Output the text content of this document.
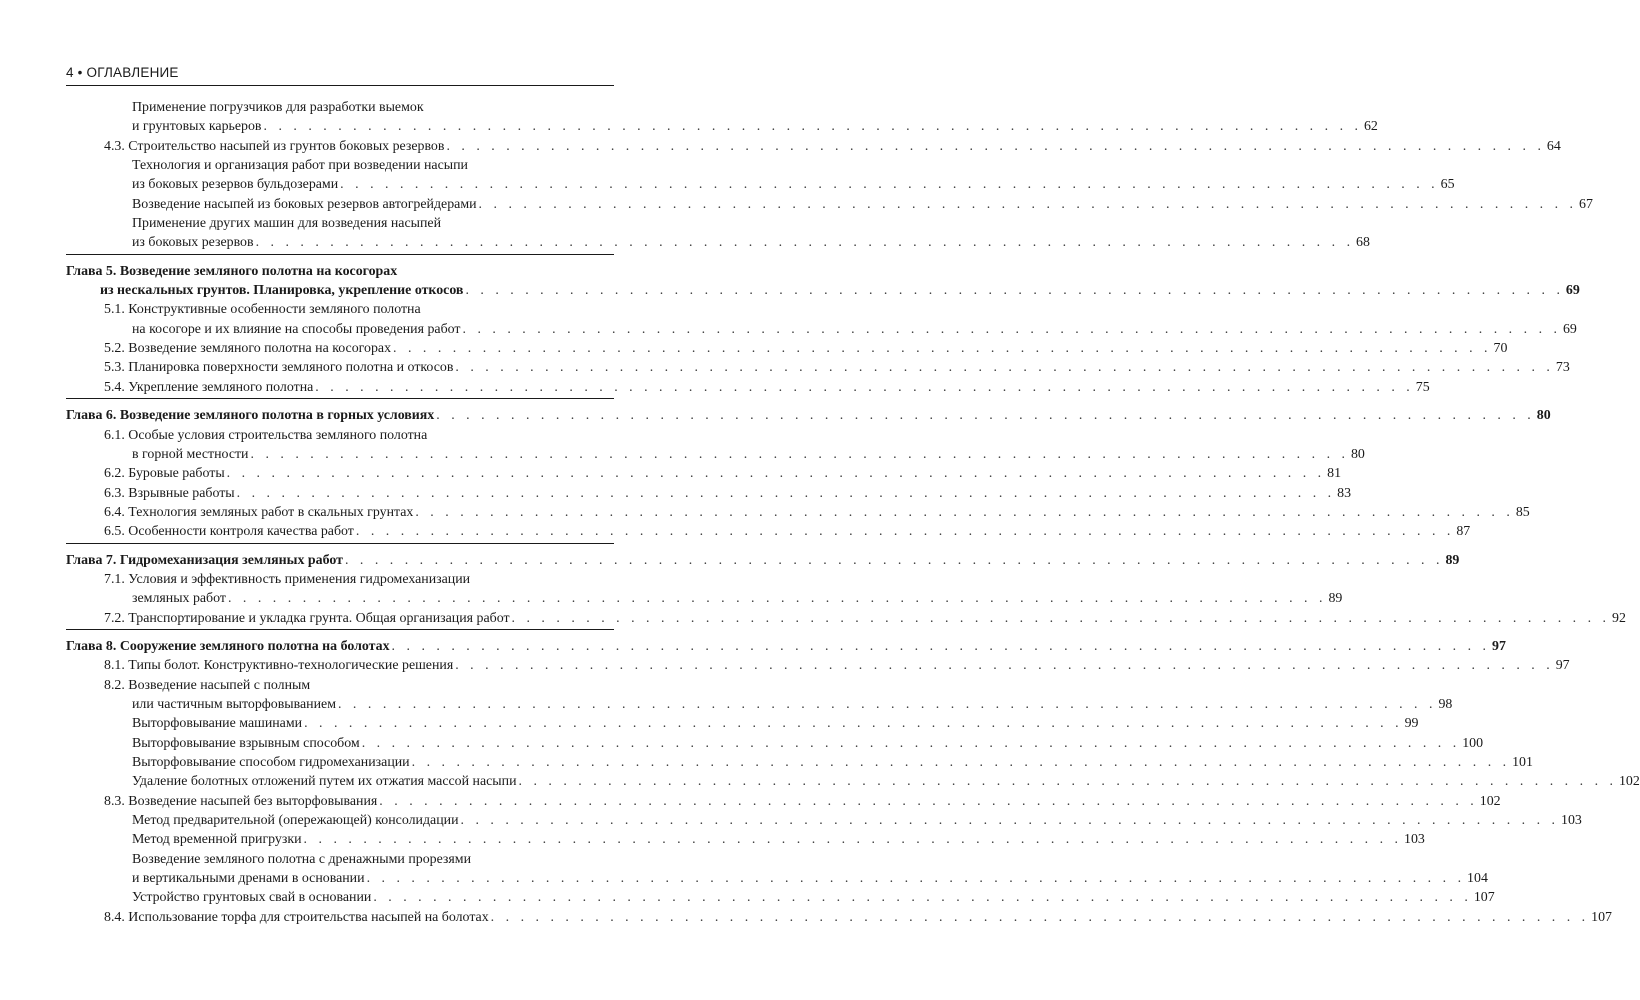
4 • ОГЛАВЛЕНИЕ
Применение погрузчиков для разработки выемок
и грунтовых карьеров . . . . . . . . . . . . . . . . . . . . . . . . . . . . . . . . . . . . . . . . . . . . . . . . . . . . . . . . . . . . . . . . . . . . . . . . . . 62
4.3. Строительство насыпей из грунтов боковых резервов . . . . . . . . . . . . . . . . . . . . . . . . . . . . . . . . . . . . . . . . . . . . . . . . . . . . . . . . . . . . . . . . . . . . . . . . . . 64
Технология и организация работ при возведении насыпи
из боковых резервов бульдозерами . . . . . . . . . . . . . . . . . . . . . . . . . . . . . . . . . . . . . . . . . . . . . . . . . . . . . . . . . . . . . . . . . . . . . . . . . . 65
Возведение насыпей из боковых резервов автогрейдерами . . . . . . . . . . . . . . . . . . . . . . . . . . . . . . . . . . . . . . . . . . . . . . . . . . . . . . . . . . . . . . . . . . . . . . . . . . 67
Применение других машин для возведения насыпей
из боковых резервов . . . . . . . . . . . . . . . . . . . . . . . . . . . . . . . . . . . . . . . . . . . . . . . . . . . . . . . . . . . . . . . . . . . . . . . . . . 68
Глава 5. Возведение земляного полотна на косогорах
из нескальных грунтов. Планировка, укрепление откосов . . . . . . . . . . . . . . . . . . . . . . . . . . . . . . . . . . . . . . . . . . . . . . . . . . . . . . . . . . . . . . . . . . . . . . . . . . 69
5.1. Конструктивные особенности земляного полотна
на косогоре и их влияние на способы проведения работ . . . . . . . . . . . . . . . . . . . . . . . . . . . . . . . . . . . . . . . . . . . . . . . . . . . . . . . . . . . . . . . . . . . . . . . . . . 69
5.2. Возведение земляного полотна на косогорах . . . . . . . . . . . . . . . . . . . . . . . . . . . . . . . . . . . . . . . . . . . . . . . . . . . . . . . . . . . . . . . . . . . . . . . . . . 70
5.3. Планировка поверхности земляного полотна и откосов . . . . . . . . . . . . . . . . . . . . . . . . . . . . . . . . . . . . . . . . . . . . . . . . . . . . . . . . . . . . . . . . . . . . . . . . . . 73
5.4. Укрепление земляного полотна . . . . . . . . . . . . . . . . . . . . . . . . . . . . . . . . . . . . . . . . . . . . . . . . . . . . . . . . . . . . . . . . . . . . . . . . . . 75
Глава 6. Возведение земляного полотна в горных условиях . . . . . . . . . . . . . . . . . . . . . . . . . . . . . . . . . . . . . . . . . . . . . . . . . . . . . . . . . . . . . . . . . . . . . . . . . . 80
6.1. Особые условия строительства земляного полотна
в горной местности . . . . . . . . . . . . . . . . . . . . . . . . . . . . . . . . . . . . . . . . . . . . . . . . . . . . . . . . . . . . . . . . . . . . . . . . . . 80
6.2. Буровые работы . . . . . . . . . . . . . . . . . . . . . . . . . . . . . . . . . . . . . . . . . . . . . . . . . . . . . . . . . . . . . . . . . . . . . . . . . . 81
6.3. Взрывные работы . . . . . . . . . . . . . . . . . . . . . . . . . . . . . . . . . . . . . . . . . . . . . . . . . . . . . . . . . . . . . . . . . . . . . . . . . . 83
6.4. Технология земляных работ в скальных грунтах . . . . . . . . . . . . . . . . . . . . . . . . . . . . . . . . . . . . . . . . . . . . . . . . . . . . . . . . . . . . . . . . . . . . . . . . . . 85
6.5. Особенности контроля качества работ . . . . . . . . . . . . . . . . . . . . . . . . . . . . . . . . . . . . . . . . . . . . . . . . . . . . . . . . . . . . . . . . . . . . . . . . . . 87
Глава 7. Гидромеханизация земляных работ . . . . . . . . . . . . . . . . . . . . . . . . . . . . . . . . . . . . . . . . . . . . . . . . . . . . . . . . . . . . . . . . . . . . . . . . . . 89
7.1. Условия и эффективность применения гидромеханизации
земляных работ . . . . . . . . . . . . . . . . . . . . . . . . . . . . . . . . . . . . . . . . . . . . . . . . . . . . . . . . . . . . . . . . . . . . . . . . . . 89
7.2. Транспортирование и укладка грунта. Общая организация работ . . . . . . . . . . . . . . . . . . . . . . . . . . . . . . . . . . . . . . . . . . . . . . . . . . . . . . . . . . . . . . . . . . . . . . . . . . 92
Глава 8. Сооружение земляного полотна на болотах . . . . . . . . . . . . . . . . . . . . . . . . . . . . . . . . . . . . . . . . . . . . . . . . . . . . . . . . . . . . . . . . . . . . . . . . . . 97
8.1. Типы болот. Конструктивно-технологические решения . . . . . . . . . . . . . . . . . . . . . . . . . . . . . . . . . . . . . . . . . . . . . . . . . . . . . . . . . . . . . . . . . . . . . . . . . . 97
8.2. Возведение насыпей с полным
или частичным выторфовыванием . . . . . . . . . . . . . . . . . . . . . . . . . . . . . . . . . . . . . . . . . . . . . . . . . . . . . . . . . . . . . . . . . . . . . . . . . . 98
Выторфовывание машинами . . . . . . . . . . . . . . . . . . . . . . . . . . . . . . . . . . . . . . . . . . . . . . . . . . . . . . . . . . . . . . . . . . . . . . . . . . 99
Выторфовывание взрывным способом . . . . . . . . . . . . . . . . . . . . . . . . . . . . . . . . . . . . . . . . . . . . . . . . . . . . . . . . . . . . . . . . . . . . . . . . . . 100
Выторфовывание способом гидромеханизации . . . . . . . . . . . . . . . . . . . . . . . . . . . . . . . . . . . . . . . . . . . . . . . . . . . . . . . . . . . . . . . . . . . . . . . . . . 101
Удаление болотных отложений путем их отжатия массой насыпи . . . . . . . . . . . . . . . . . . . . . . . . . . . . . . . . . . . . . . . . . . . . . . . . . . . . . . . . . . . . . . . . . . . . . . . . . . 102
8.3. Возведение насыпей без выторфовывания . . . . . . . . . . . . . . . . . . . . . . . . . . . . . . . . . . . . . . . . . . . . . . . . . . . . . . . . . . . . . . . . . . . . . . . . . . 102
Метод предварительной (опережающей) консолидации . . . . . . . . . . . . . . . . . . . . . . . . . . . . . . . . . . . . . . . . . . . . . . . . . . . . . . . . . . . . . . . . . . . . . . . . . . 103
Метод временной пригрузки . . . . . . . . . . . . . . . . . . . . . . . . . . . . . . . . . . . . . . . . . . . . . . . . . . . . . . . . . . . . . . . . . . . . . . . . . . 103
Возведение земляного полотна с дренажными прорезями
и вертикальными дренами в основании . . . . . . . . . . . . . . . . . . . . . . . . . . . . . . . . . . . . . . . . . . . . . . . . . . . . . . . . . . . . . . . . . . . . . . . . . . 104
Устройство грунтовых свай в основании . . . . . . . . . . . . . . . . . . . . . . . . . . . . . . . . . . . . . . . . . . . . . . . . . . . . . . . . . . . . . . . . . . . . . . . . . . 107
8.4. Использование торфа для строительства насыпей на болотах . . . . . . . . . . . . . . . . . . . . . . . . . . . . . . . . . . . . . . . . . . . . . . . . . . . . . . . . . . . . . . . . . . . . . . . . . . 107
